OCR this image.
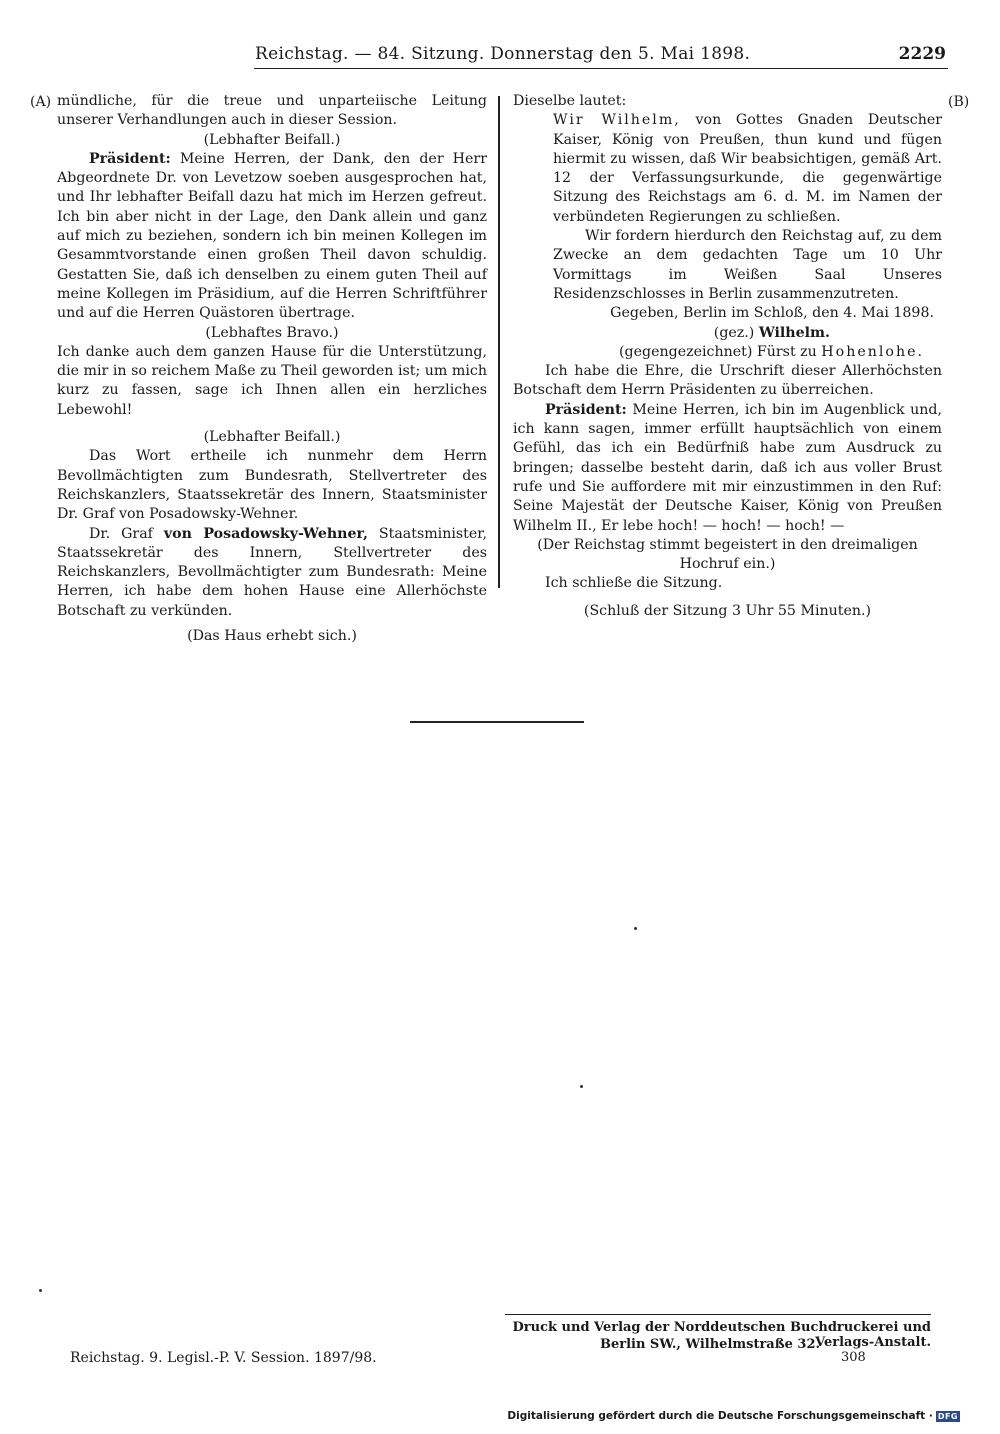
Reichstag. — 84. Sitzung. Donnerstag den 5. Mai 1898.	2229
(A)	(B)

mündliche, für die treue und unparteiische Leitung unserer Verhandlungen auch in dieser Session.

(Lebhafter Beifall.)

Präsident: Meine Herren, der Dank, den der Herr Abgeordnete Dr. von Levetzow soeben ausgesprochen hat, und Ihr lebhafter Beifall dazu hat mich im Herzen gefreut. Ich bin aber nicht in der Lage, den Dank allein und ganz auf mich zu beziehen, sondern ich bin meinen Kollegen im Gesammtvorstande einen großen Theil davon schuldig. Gestatten Sie, daß ich denselben zu einem guten Theil auf meine Kollegen im Präsidium, auf die Herren Schriftführer und auf die Herren Quästoren übertrage.

(Lebhaftes Bravo.)

Ich danke auch dem ganzen Hause für die Unterstützung, die mir in so reichem Maße zu Theil geworden ist; um mich kurz zu fassen, sage ich Ihnen allen ein herzliches Lebewohl!

(Lebhafter Beifall.)

Das Wort ertheile ich nunmehr dem Herrn Bevollmächtigten zum Bundesrath, Stellvertreter des Reichskanzlers, Staatssekretär des Innern, Staatsminister Dr. Graf von Posadowsky-Wehner.

Dr. Graf von Posadowsky-Wehner, Staatsminister, Staatssekretär des Innern, Stellvertreter des Reichskanzlers, Bevollmächtigter zum Bundesrath: Meine Herren, ich habe dem hohen Hause eine Allerhöchste Botschaft zu verkünden.

(Das Haus erhebt sich.)

Dieselbe lautet:

Wir Wilhelm, von Gottes Gnaden Deutscher Kaiser, König von Preußen, thun kund und fügen hiermit zu wissen, daß Wir beabsichtigen, gemäß Art. 12 der Verfassungsurkunde, die gegenwärtige Sitzung des Reichstags am 6. d. M. im Namen der verbündeten Regierungen zu schließen.

Wir fordern hierdurch den Reichstag auf, zu dem Zwecke an dem gedachten Tage um 10 Uhr Vormittags im Weißen Saal Unseres Residenzschlosses in Berlin zusammenzutreten.

Gegeben, Berlin im Schloß, den 4. Mai 1898.

(gez.) Wilhelm.

(gegengezeichnet) Fürst zu Hohenlohe.

Ich habe die Ehre, die Urschrift dieser Allerhöchsten Botschaft dem Herrn Präsidenten zu überreichen.

Präsident: Meine Herren, ich bin im Augenblick und, ich kann sagen, immer erfüllt hauptsächlich von einem Gefühl, das ich ein Bedürfniß habe zum Ausdruck zu bringen; dasselbe besteht darin, daß ich aus voller Brust rufe und Sie auffordere mit mir einzustimmen in den Ruf: Seine Majestät der Deutsche Kaiser, König von Preußen Wilhelm II., Er lebe hoch! — hoch! — hoch! —

(Der Reichstag stimmt begeistert in den dreimaligen Hochruf ein.)

Ich schließe die Sitzung.

(Schluß der Sitzung 3 Uhr 55 Minuten.)

Druck und Verlag der Norddeutschen Buchdruckerei und Verlags-Anstalt.
Berlin SW., Wilhelmstraße 32.
Reichstag. 9. Legisl.-P. V. Session. 1897/98.	308
Digitalisierung gefördert durch die Deutsche Forschungsgemeinschaft · DFG
